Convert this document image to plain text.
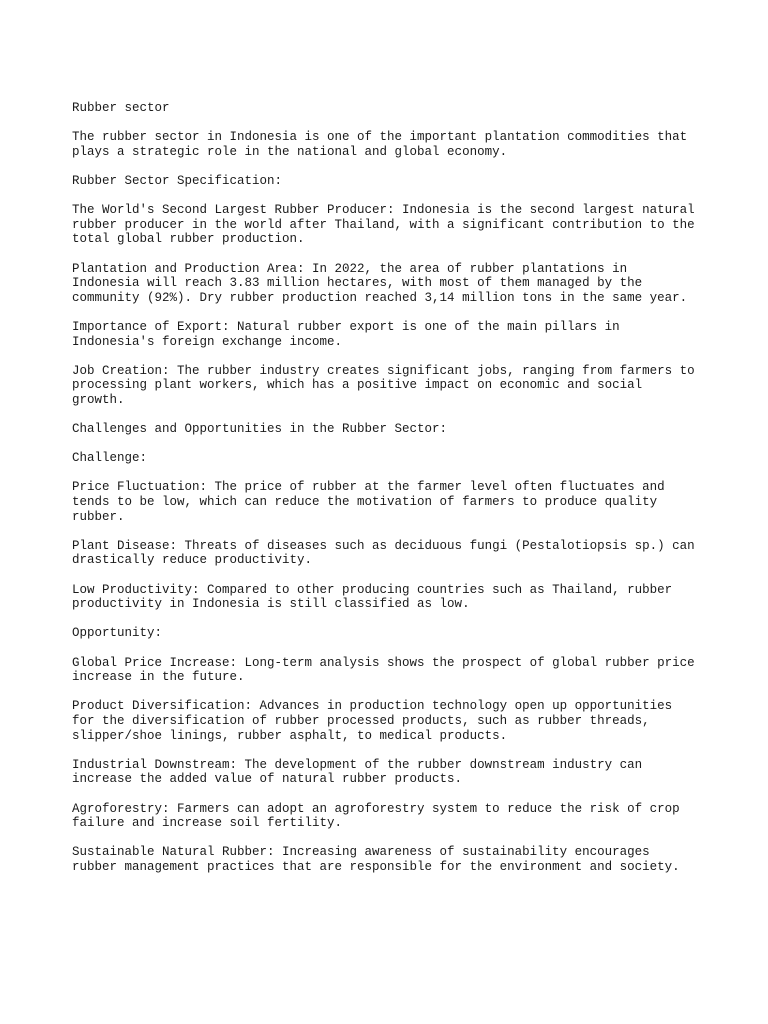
Rubber sector

The rubber sector in Indonesia is one of the important plantation commodities that
plays a strategic role in the national and global economy.

Rubber Sector Specification:

The World's Second Largest Rubber Producer: Indonesia is the second largest natural
rubber producer in the world after Thailand, with a significant contribution to the
total global rubber production.

Plantation and Production Area: In 2022, the area of rubber plantations in
Indonesia will reach 3.83 million hectares, with most of them managed by the
community (92%). Dry rubber production reached 3,14 million tons in the same year.

Importance of Export: Natural rubber export is one of the main pillars in
Indonesia's foreign exchange income.

Job Creation: The rubber industry creates significant jobs, ranging from farmers to
processing plant workers, which has a positive impact on economic and social
growth.

Challenges and Opportunities in the Rubber Sector:

Challenge:

Price Fluctuation: The price of rubber at the farmer level often fluctuates and
tends to be low, which can reduce the motivation of farmers to produce quality
rubber.

Plant Disease: Threats of diseases such as deciduous fungi (Pestalotiopsis sp.) can
drastically reduce productivity.

Low Productivity: Compared to other producing countries such as Thailand, rubber
productivity in Indonesia is still classified as low.

Opportunity:

Global Price Increase: Long-term analysis shows the prospect of global rubber price
increase in the future.

Product Diversification: Advances in production technology open up opportunities
for the diversification of rubber processed products, such as rubber threads,
slipper/shoe linings, rubber asphalt, to medical products.

Industrial Downstream: The development of the rubber downstream industry can
increase the added value of natural rubber products.

Agroforestry: Farmers can adopt an agroforestry system to reduce the risk of crop
failure and increase soil fertility.

Sustainable Natural Rubber: Increasing awareness of sustainability encourages
rubber management practices that are responsible for the environment and society.
